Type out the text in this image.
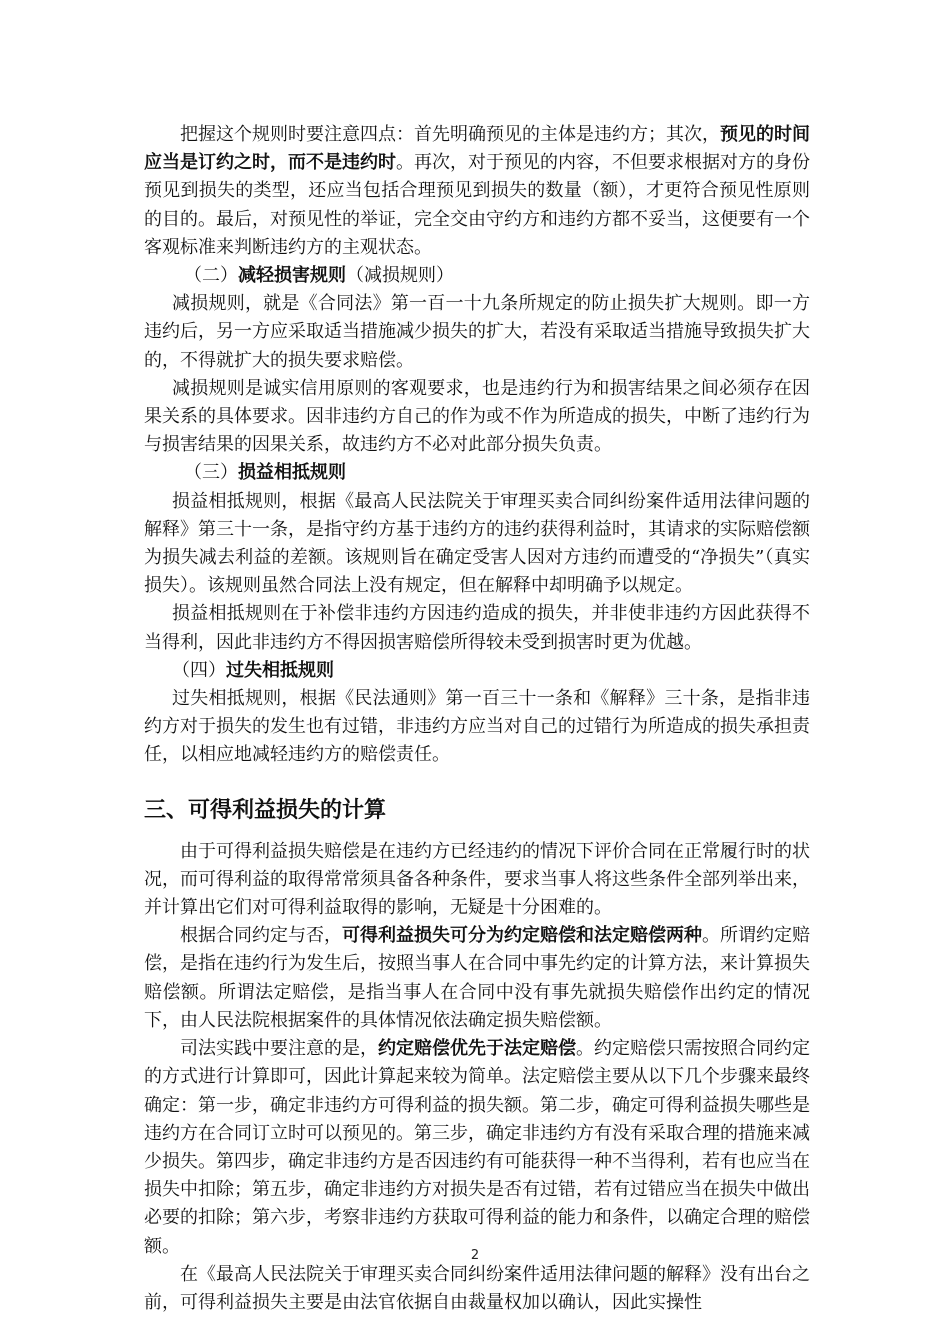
把握这个规则时要注意四点：首先明确预见的主体是违约方；其次，预见的时间应当是订约之时，而不是违约时。再次，对于预见的内容，不但要求根据对方的身份预见到损失的类型，还应当包括合理预见到损失的数量（额），才更符合预见性原则的目的。最后，对预见性的举证，完全交由守约方和违约方都不妥当，这便要有一个客观标准来判断违约方的主观状态。

（二）减轻损害规则（减损规则）

减损规则，就是《合同法》第一百一十九条所规定的防止损失扩大规则。即一方违约后，另一方应采取适当措施减少损失的扩大，若没有采取适当措施导致损失扩大的，不得就扩大的损失要求赔偿。

减损规则是诚实信用原则的客观要求，也是违约行为和损害结果之间必须存在因果关系的具体要求。因非违约方自己的作为或不作为所造成的损失，中断了违约行为与损害结果的因果关系，故违约方不必对此部分损失负责。

（三）损益相抵规则

损益相抵规则，根据《最高人民法院关于审理买卖合同纠纷案件适用法律问题的解释》第三十一条，是指守约方基于违约方的违约获得利益时，其请求的实际赔偿额为损失减去利益的差额。该规则旨在确定受害人因对方违约而遭受的“净损失”（真实损失）。该规则虽然合同法上没有规定，但在解释中却明确予以规定。

损益相抵规则在于补偿非违约方因违约造成的损失，并非使非违约方因此获得不当得利，因此非违约方不得因损害赔偿所得较未受到损害时更为优越。

（四）过失相抵规则

过失相抵规则，根据《民法通则》第一百三十一条和《解释》三十条，是指非违约方对于损失的发生也有过错，非违约方应当对自己的过错行为所造成的损失承担责任，以相应地减轻违约方的赔偿责任。

三、可得利益损失的计算

由于可得利益损失赔偿是在违约方已经违约的情况下评价合同在正常履行时的状况，而可得利益的取得常常须具备各种条件，要求当事人将这些条件全部列举出来，并计算出它们对可得利益取得的影响，无疑是十分困难的。

根据合同约定与否，可得利益损失可分为约定赔偿和法定赔偿两种。所谓约定赔偿，是指在违约行为发生后，按照当事人在合同中事先约定的计算方法，来计算损失赔偿额。所谓法定赔偿，是指当事人在合同中没有事先就损失赔偿作出约定的情况下，由人民法院根据案件的具体情况依法确定损失赔偿额。

司法实践中要注意的是，约定赔偿优先于法定赔偿。约定赔偿只需按照合同约定的方式进行计算即可，因此计算起来较为简单。法定赔偿主要从以下几个步骤来最终确定：第一步，确定非违约方可得利益的损失额。第二步，确定可得利益损失哪些是违约方在合同订立时可以预见的。第三步，确定非违约方有没有采取合理的措施来减少损失。第四步，确定非违约方是否因违约有可能获得一种不当得利，若有也应当在损失中扣除；第五步，确定非违约方对损失是否有过错，若有过错应当在损失中做出必要的扣除；第六步，考察非违约方获取可得利益的能力和条件，以确定合理的赔偿额。

在《最高人民法院关于审理买卖合同纠纷案件适用法律问题的解释》没有出台之前，可得利益损失主要是由法官依据自由裁量权加以确认，因此实操性

2
